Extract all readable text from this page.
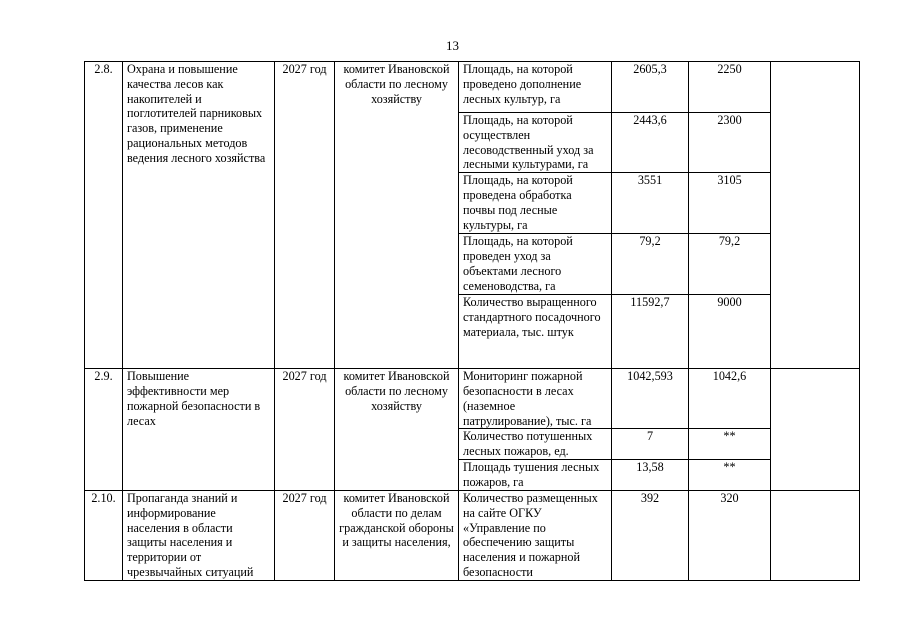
13
2.8.	Охрана и повышение качества лесов как накопителей и поглотителей парниковых газов, применение рациональных методов ведения лесного хозяйства	2027 год	комитет Ивановской области по лесному хозяйству	Площадь, на которой проведено дополнение лесных культур, га	2605,3	2250	
				Площадь, на которой осуществлен лесоводственный уход за лесными культурами, га	2443,6	2300	
				Площадь, на которой проведена обработка почвы под лесные культуры, га	3551	3105	
				Площадь, на которой проведен уход за объектами лесного семеноводства, га	79,2	79,2	
				Количество выращенного стандартного посадочного материала, тыс. штук	11592,7	9000	
2.9.	Повышение эффективности мер пожарной безопасности в лесах	2027 год	комитет Ивановской области по лесному хозяйству	Мониторинг пожарной безопасности в лесах (наземное патрулирование), тыс. га	1042,593	1042,6	
				Количество потушенных лесных пожаров, ед.	7	**	
				Площадь тушения лесных пожаров, га	13,58	**	
2.10.	Пропаганда знаний и информирование населения в области защиты населения и территории от чрезвычайных ситуаций	2027 год	комитет Ивановской области по делам гражданской обороны и защиты населения,	Количество размещенных на сайте ОГКУ «Управление по обеспечению защиты населения и пожарной безопасности	392	320	
